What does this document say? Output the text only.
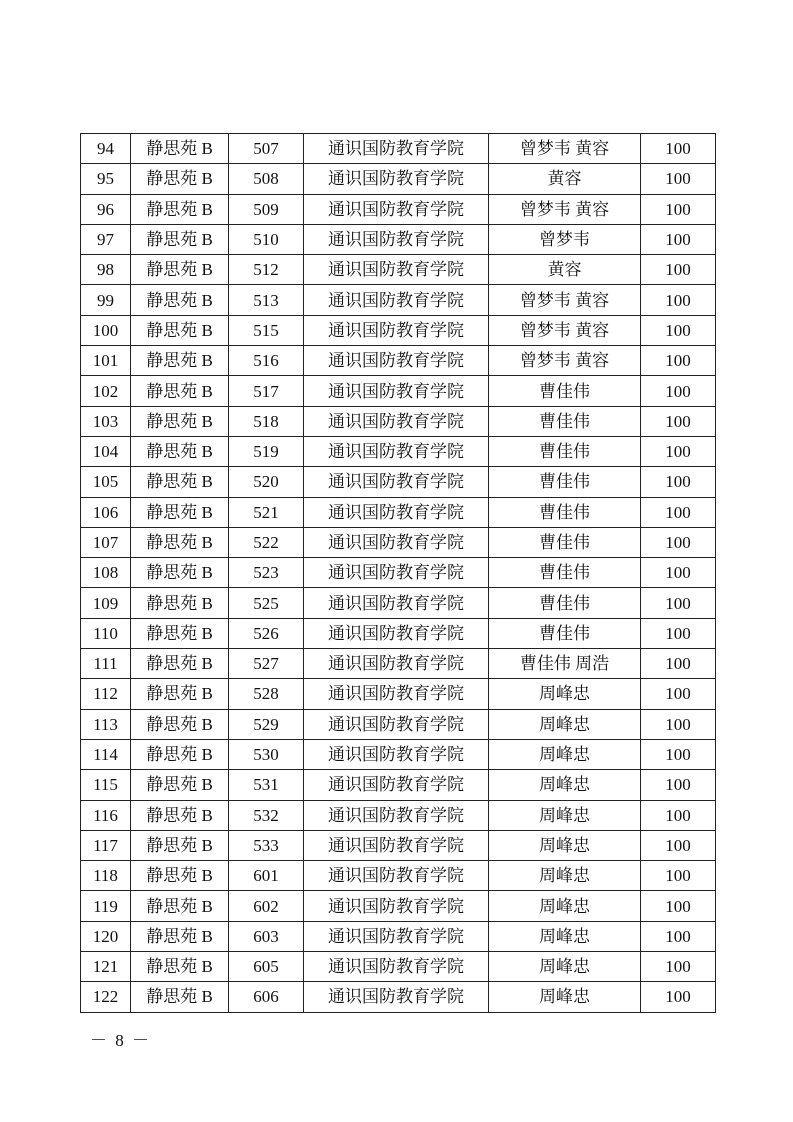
94	静思苑 B	507	通识国防教育学院	曾梦韦 黄容	100
95	静思苑 B	508	通识国防教育学院	黄容	100
96	静思苑 B	509	通识国防教育学院	曾梦韦 黄容	100
97	静思苑 B	510	通识国防教育学院	曾梦韦	100
98	静思苑 B	512	通识国防教育学院	黄容	100
99	静思苑 B	513	通识国防教育学院	曾梦韦 黄容	100
100	静思苑 B	515	通识国防教育学院	曾梦韦 黄容	100
101	静思苑 B	516	通识国防教育学院	曾梦韦 黄容	100
102	静思苑 B	517	通识国防教育学院	曹佳伟	100
103	静思苑 B	518	通识国防教育学院	曹佳伟	100
104	静思苑 B	519	通识国防教育学院	曹佳伟	100
105	静思苑 B	520	通识国防教育学院	曹佳伟	100
106	静思苑 B	521	通识国防教育学院	曹佳伟	100
107	静思苑 B	522	通识国防教育学院	曹佳伟	100
108	静思苑 B	523	通识国防教育学院	曹佳伟	100
109	静思苑 B	525	通识国防教育学院	曹佳伟	100
110	静思苑 B	526	通识国防教育学院	曹佳伟	100
111	静思苑 B	527	通识国防教育学院	曹佳伟 周浩	100
112	静思苑 B	528	通识国防教育学院	周峰忠	100
113	静思苑 B	529	通识国防教育学院	周峰忠	100
114	静思苑 B	530	通识国防教育学院	周峰忠	100
115	静思苑 B	531	通识国防教育学院	周峰忠	100
116	静思苑 B	532	通识国防教育学院	周峰忠	100
117	静思苑 B	533	通识国防教育学院	周峰忠	100
118	静思苑 B	601	通识国防教育学院	周峰忠	100
119	静思苑 B	602	通识国防教育学院	周峰忠	100
120	静思苑 B	603	通识国防教育学院	周峰忠	100
121	静思苑 B	605	通识国防教育学院	周峰忠	100
122	静思苑 B	606	通识国防教育学院	周峰忠	100
－ 8 －
